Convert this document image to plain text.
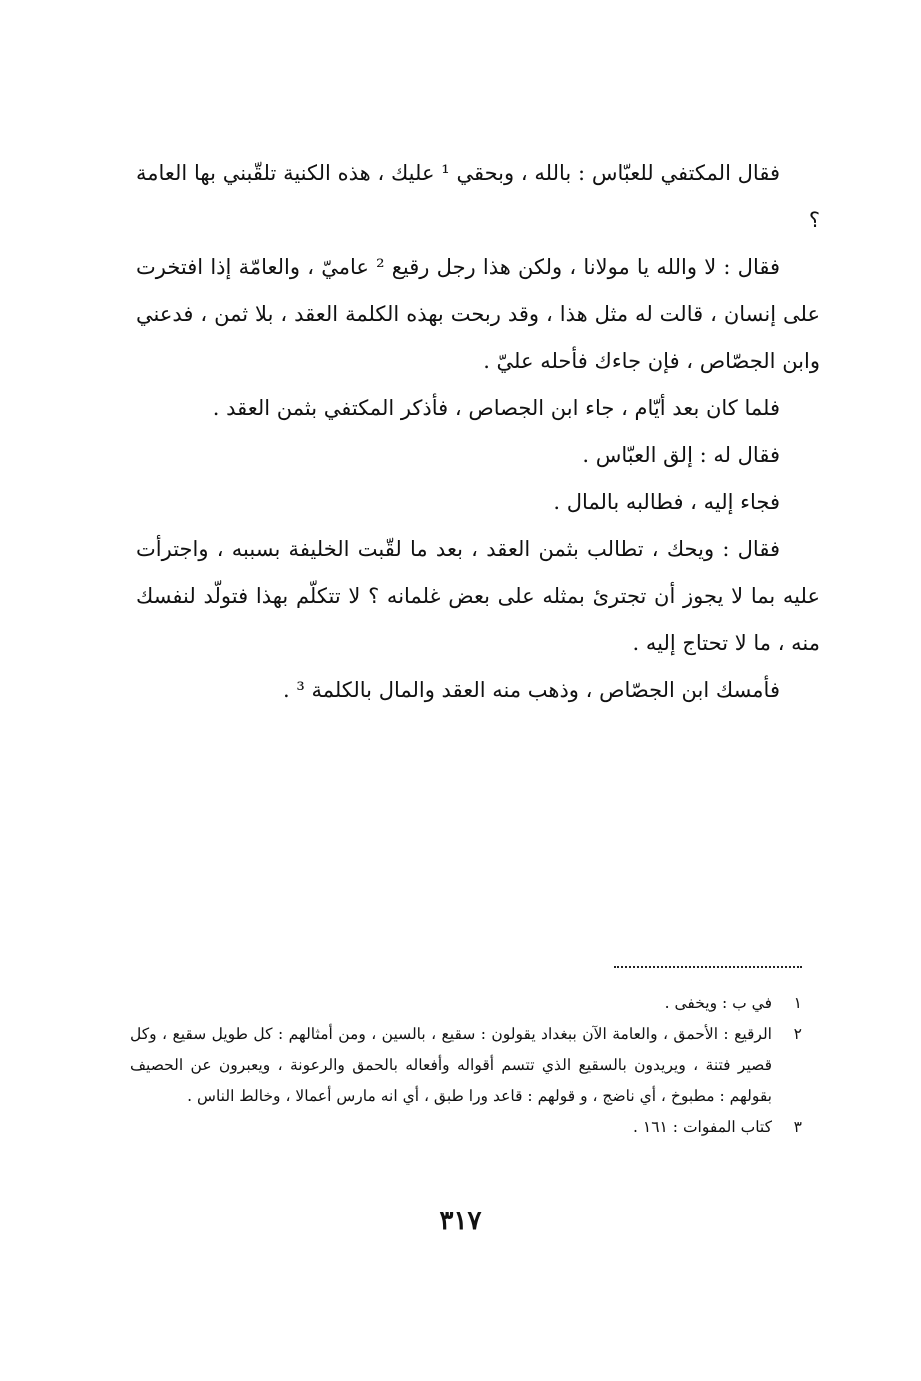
فقال المكتفي للعبّاس : بالله ، وبحقي ¹ عليك ، هذه الكنية تلقّبني بها العامة ؟

فقال : لا والله يا مولانا ، ولكن هذا رجل رقيع ² عاميّ ، والعامّة إذا افتخرت على إنسان ، قالت له مثل هذا ، وقد ربحت بهذه الكلمة العقد ، بلا ثمن ، فدعني وابن الجصّاص ، فإن جاءك فأحله عليّ .

فلما كان بعد أيّام ، جاء ابن الجصاص ، فأذكر المكتفي بثمن العقد .

فقال له : إلق العبّاس .

فجاء إليه ، فطالبه بالمال .

فقال : ويحك ، تطالب بثمن العقد ، بعد ما لقّبت الخليفة بسببه ، واجترأت عليه بما لا يجوز أن تجترئ بمثله على بعض غلمانه ؟ لا تتكلّم بهذا فتولّد لنفسك منه ، ما لا تحتاج إليه .

فأمسك ابن الجصّاص ، وذهب منه العقد والمال بالكلمة ³ .

١
في ب : ويخفى .
٢
الرقيع : الأحمق ، والعامة الآن ببغداد يقولون : سقيع ، بالسين ، ومن أمثالهم : كل طويل سقيع ، وكل قصير فتنة ، ويريدون بالسقيع الذي تتسم أقواله وأفعاله بالحمق والرعونة ، ويعبرون عن الحصيف بقولهم : مطبوخ ، أي ناضج ، و قولهم : قاعد ورا طبق ، أي انه مارس أعمالا ، وخالط الناس .
٣
كتاب المفوات : ١٦١ .
٣١٧
